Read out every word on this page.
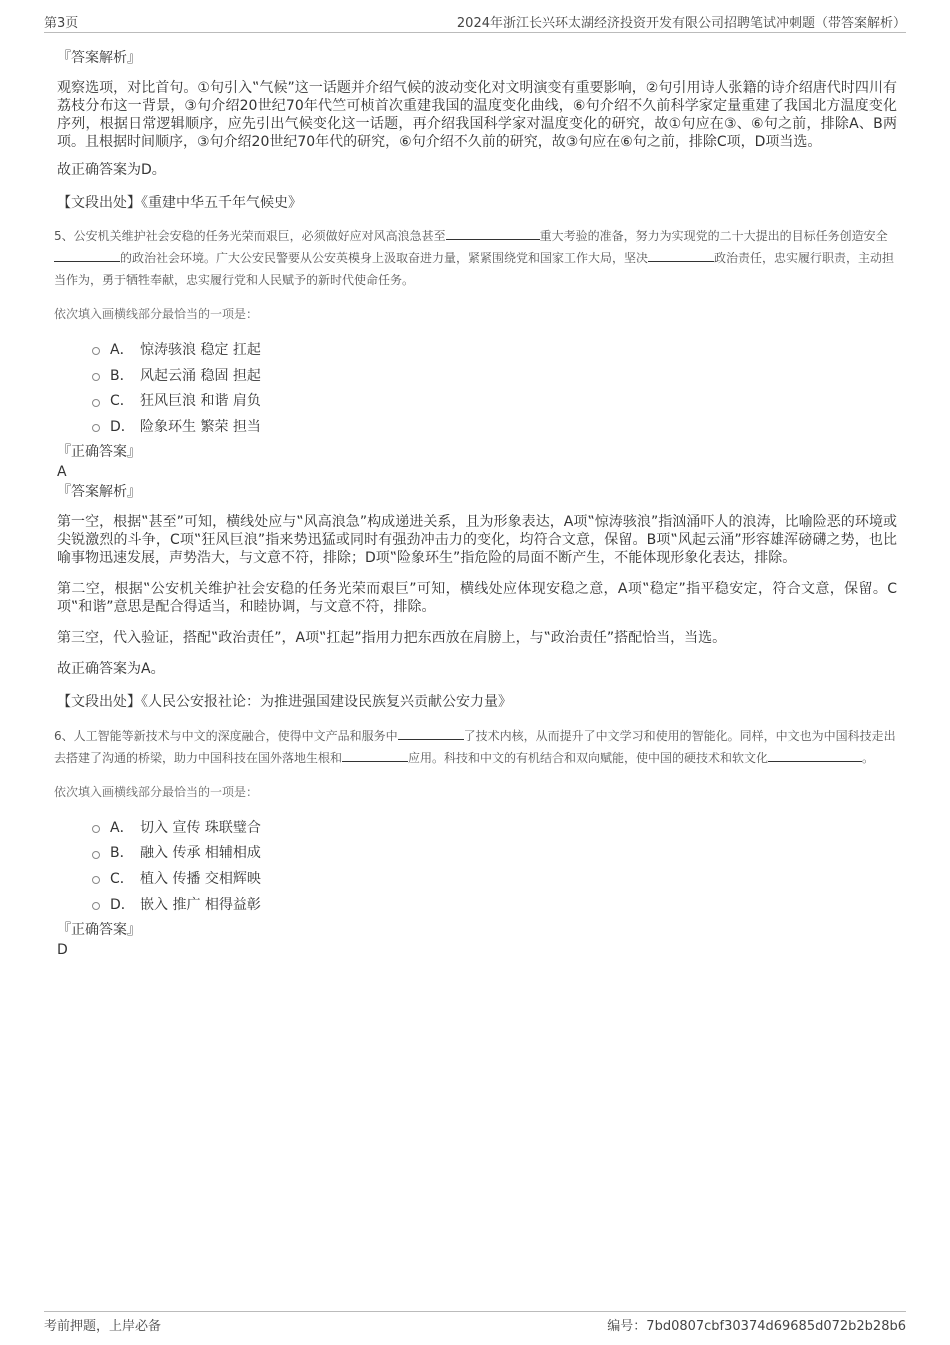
第3页	2024年浙江长兴环太湖经济投资开发有限公司招聘笔试冲刺题（带答案解析）
『答案解析』

观察选项，对比首句。①句引入‟气候”这一话题并介绍气候的波动变化对文明演变有重要影响，②句引用诗人张籍的诗介绍唐代时四川有荔枝分布这一背景，③句介绍20世纪70年代竺可桢首次重建我国的温度变化曲线，⑥句介绍不久前科学家定量重建了我国北方温度变化序列，根据日常逻辑顺序，应先引出气候变化这一话题，再介绍我国科学家对温度变化的研究，故①句应在③、⑥句之前，排除A、B两项。且根据时间顺序，③句介绍20世纪70年代的研究，⑥句介绍不久前的研究，故③句应在⑥句之前，排除C项，D项当选。

故正确答案为D。

【文段出处】《重建中华五千年气候史》

5、公安机关维护社会安稳的任务光荣而艰巨，必须做好应对风高浪急甚至	重大考验的准备，努力为实现党的二十大提出的目标任务创造安全的政治社会环境。广大公安民警要从公安英模身上汲取奋进力量，紧紧围绕党和国家工作大局，坚决	政治责任，忠实履行职责，主动担当作为，勇于牺牲奉献，忠实履行党和人民赋予的新时代使命任务。

依次填入画横线部分最恰当的一项是：

A． 惊涛骇浪 稳定 扛起
B． 风起云涌 稳固 担起
C． 狂风巨浪 和谐 肩负
D． 险象环生 繁荣 担当
『正确答案』
A
『答案解析』

第一空，根据‟甚至”可知，横线处应与‟风高浪急”构成递进关系，且为形象表达，A项‟惊涛骇浪”指汹涌吓人的浪涛，比喻险恶的环境或尖锐激烈的斗争，C项‟狂风巨浪”指来势迅猛或同时有强劲冲击力的变化，均符合文意，保留。B项‟风起云涌”形容雄浑磅礴之势，也比喻事物迅速发展，声势浩大，与文意不符，排除；D项‟险象环生”指危险的局面不断产生，不能体现形象化表达，排除。

第二空，根据‟公安机关维护社会安稳的任务光荣而艰巨”可知，横线处应体现安稳之意，A项‟稳定”指平稳安定，符合文意，保留。C项‟和谐”意思是配合得适当，和睦协调，与文意不符，排除。

第三空，代入验证，搭配‟政治责任”，A项‟扛起”指用力把东西放在肩膀上，与‟政治责任”搭配恰当，当选。

故正确答案为A。

【文段出处】《人民公安报社论：为推进强国建设民族复兴贡献公安力量》

6、人工智能等新技术与中文的深度融合，使得中文产品和服务中	了技术内核，从而提升了中文学习和使用的智能化。同样，中文也为中国科技走出去搭建了沟通的桥梁，助力中国科技在国外落地生根和	应用。科技和中文的有机结合和双向赋能，使中国的硬技术和软文化	。

依次填入画横线部分最恰当的一项是：

A． 切入 宣传 珠联璧合
B． 融入 传承 相辅相成
C． 植入 传播 交相辉映
D． 嵌入 推广 相得益彰
『正确答案』
D
考前押题，上岸必备	编号：7bd0807cbf30374d69685d072b2b28b6
